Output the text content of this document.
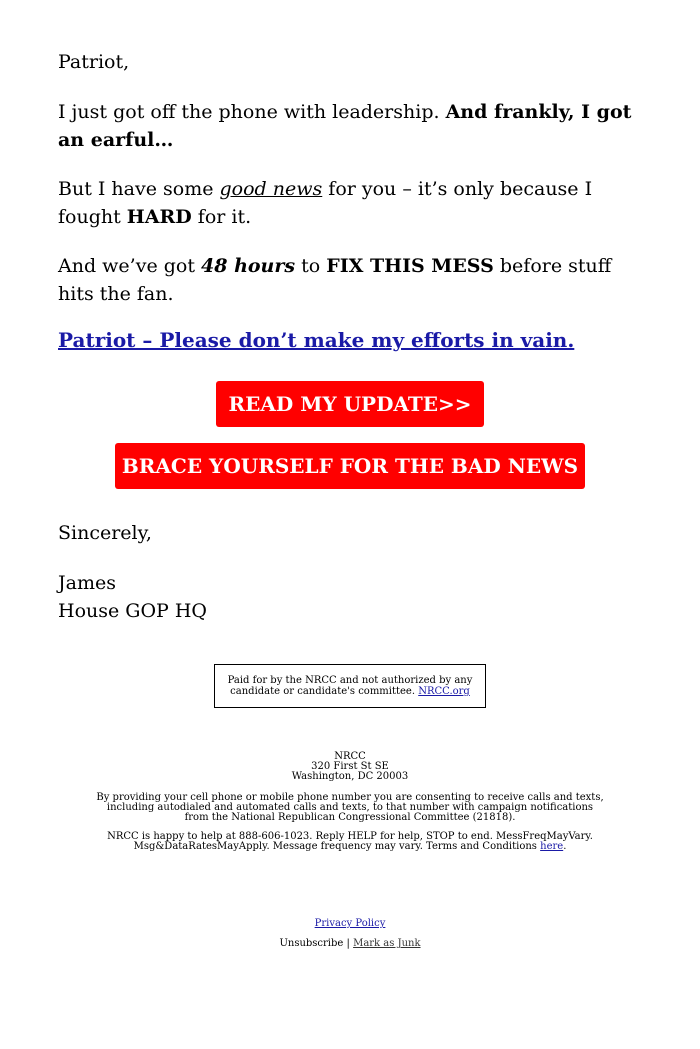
Patriot,

I just got off the phone with leadership. And frankly, I got an earful…

But I have some good news for you – it’s only because I fought HARD for it.

And we’ve got 48 hours to FIX THIS MESS before stuff hits the fan.

Patriot – Please don’t make my efforts in vain.

Sincerely,

James

House GOP HQ

READ MY UPDATE>>
BRACE YOURSELF FOR THE BAD NEWS
Paid for by the NRCC and not authorized by any candidate or candidate's committee. NRCC.org
NRCC
320 First St SE
Washington, DC 20003
By providing your cell phone or mobile phone number you are consenting to receive calls and texts, including autodialed and automated calls and texts, to that number with campaign notifications from the National Republican Congressional Committee (21818).
NRCC is happy to help at 888-606-1023. Reply HELP for help, STOP to end. MessFreqMayVary. Msg&DataRatesMayApply. Message frequency may vary. Terms and Conditions here.
Privacy Policy
Unsubscribe | Mark as Junk
